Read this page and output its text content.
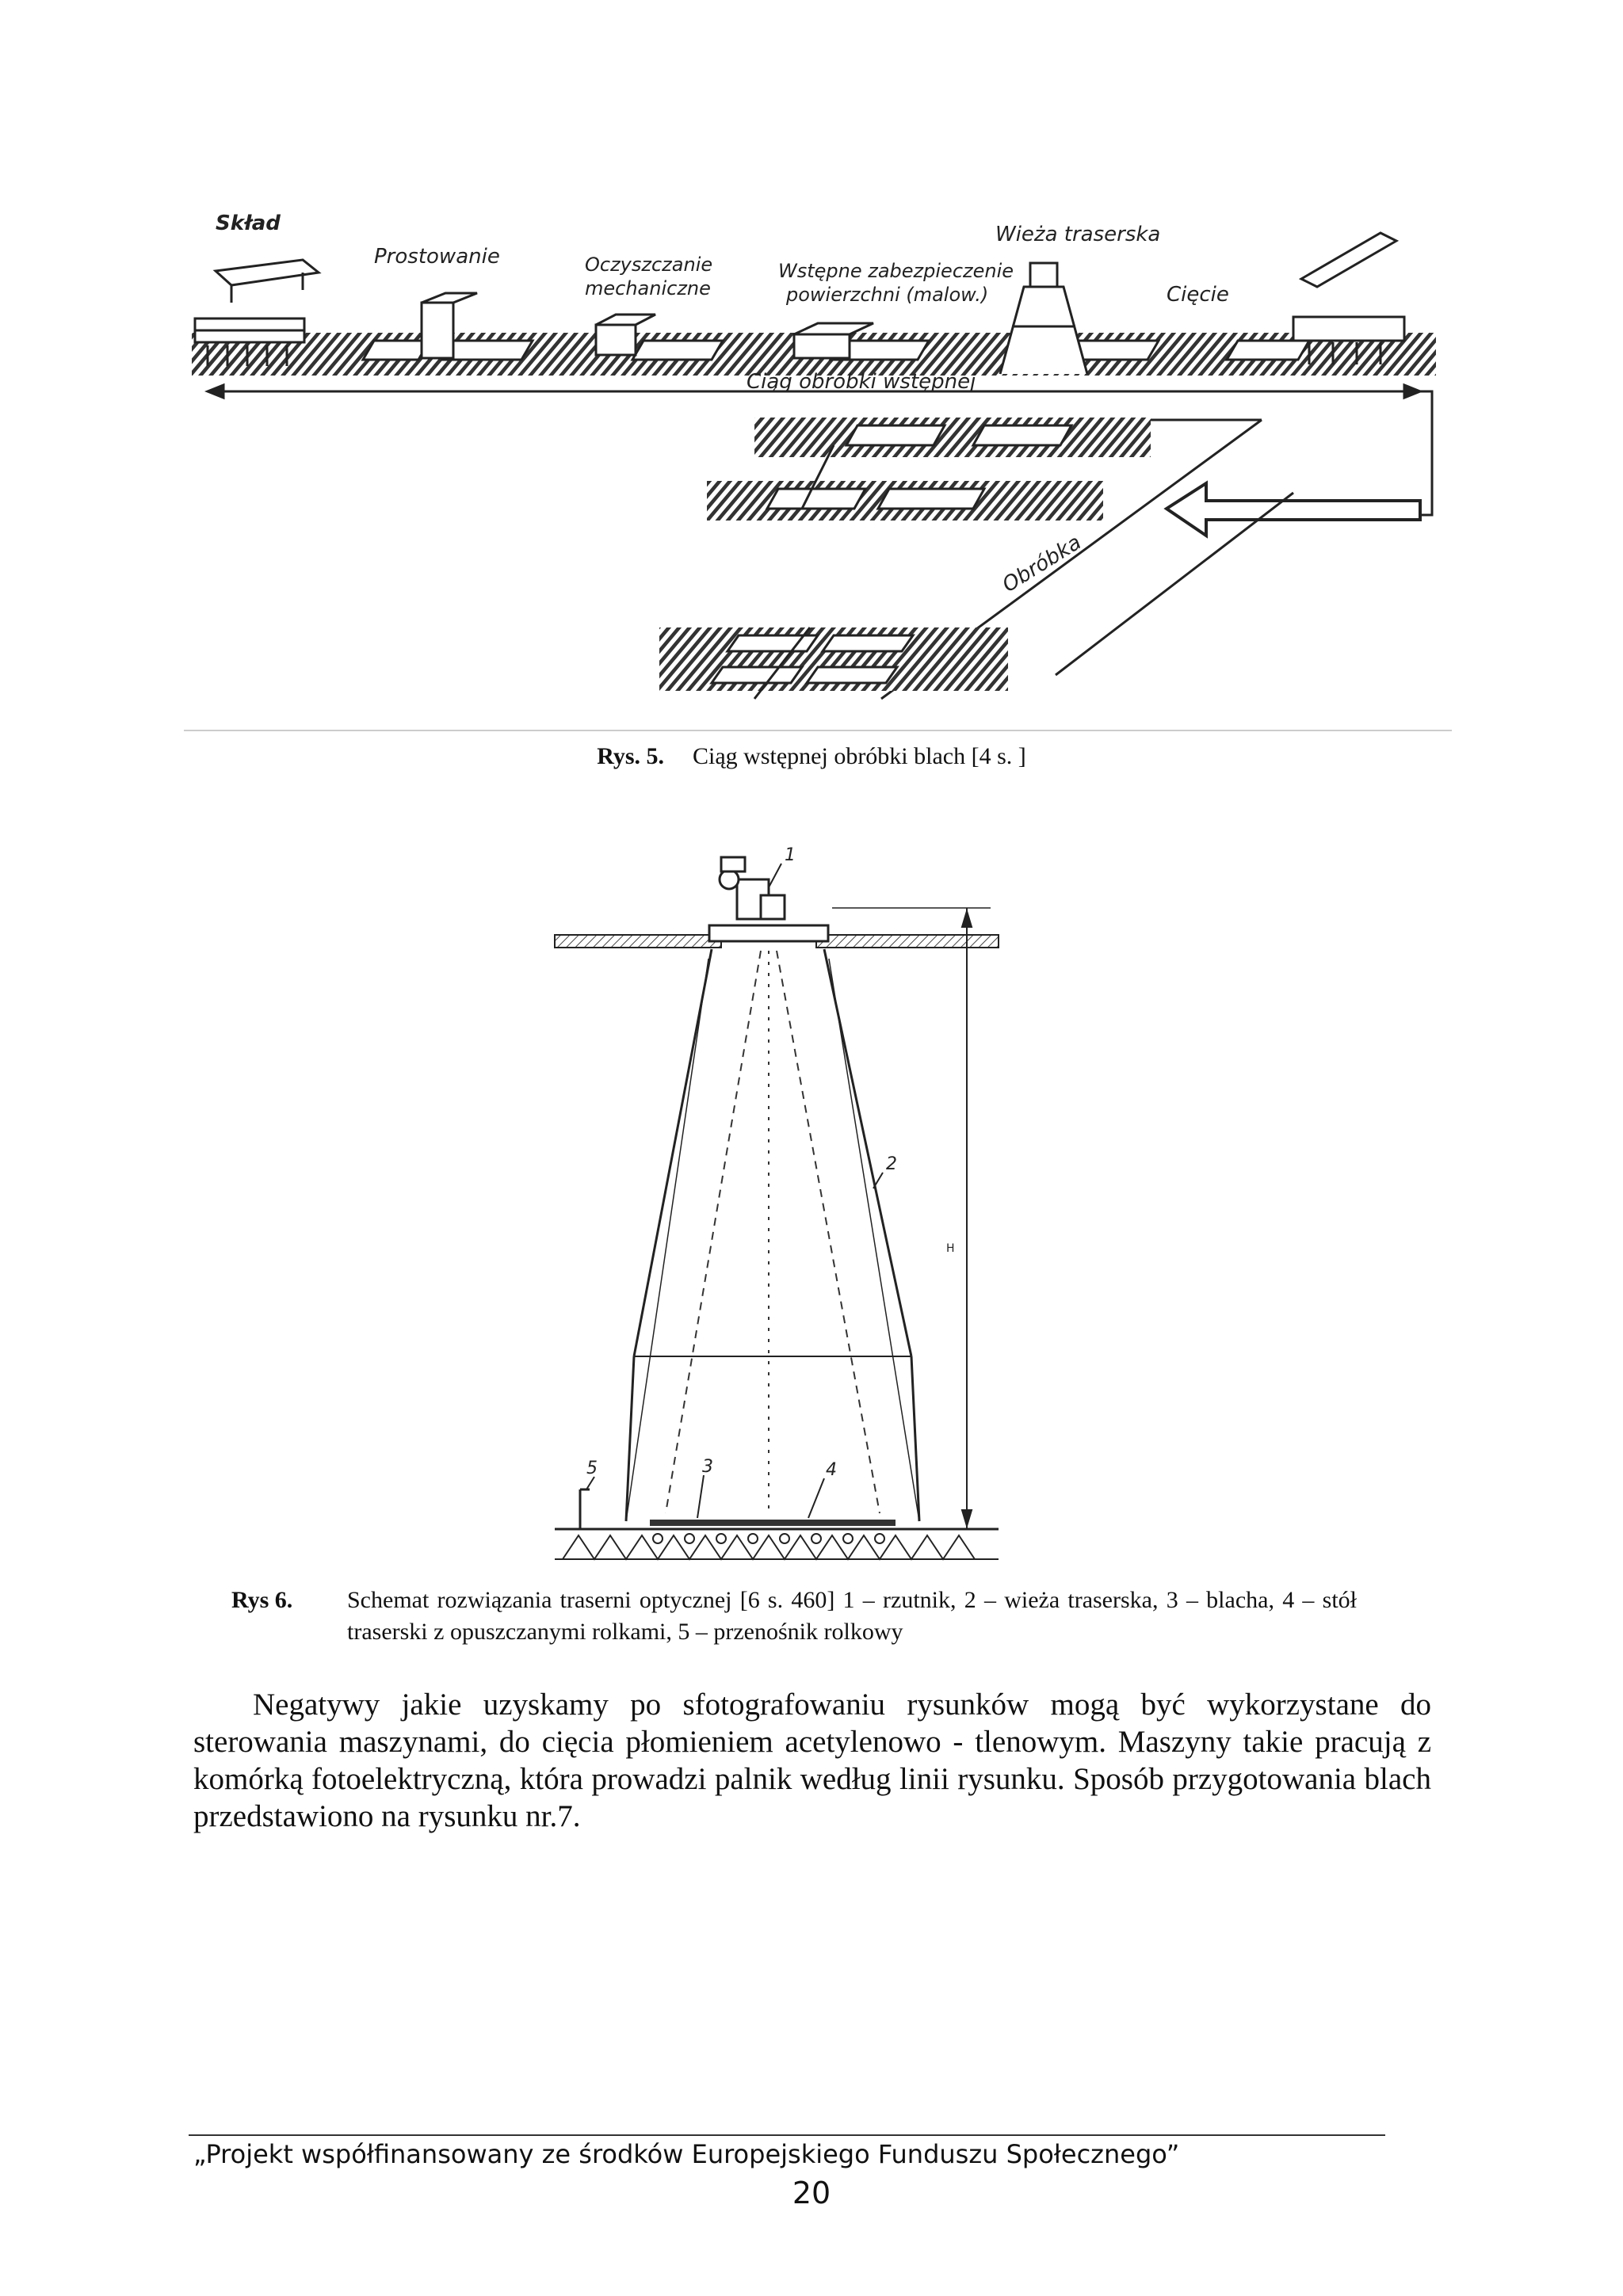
Skład
Prostowanie	Oczyszczanie
mechaniczne
Wstępne zabezpieczenie
powierzchni (malow.)
Wieża traserska
Cięcie
Ciąg obróbki wstępnej
Obróbka
Rys. 5. Ciąg wstępnej obróbki blach [4 s. ]
H
1
2
3	4
5
Rys 6. Schemat rozwiązania traserni optycznej [6 s. 460] 1 – rzutnik, 2 – wieża traserska, 3 – blacha, 4 – stół traserski z opuszczanymi rolkami, 5 – przenośnik rolkowy

Negatywy jakie uzyskamy po sfotografowaniu rysunków mogą być wykorzystane do sterowania maszynami, do cięcia płomieniem acetylenowo - tlenowym. Maszyny takie pracują z komórką fotoelektryczną, która prowadzi palnik według linii rysunku. Sposób przygotowania blach przedstawiono na rysunku nr.7.

„Projekt współfinansowany ze środków Europejskiego Funduszu Społecznego”
20
